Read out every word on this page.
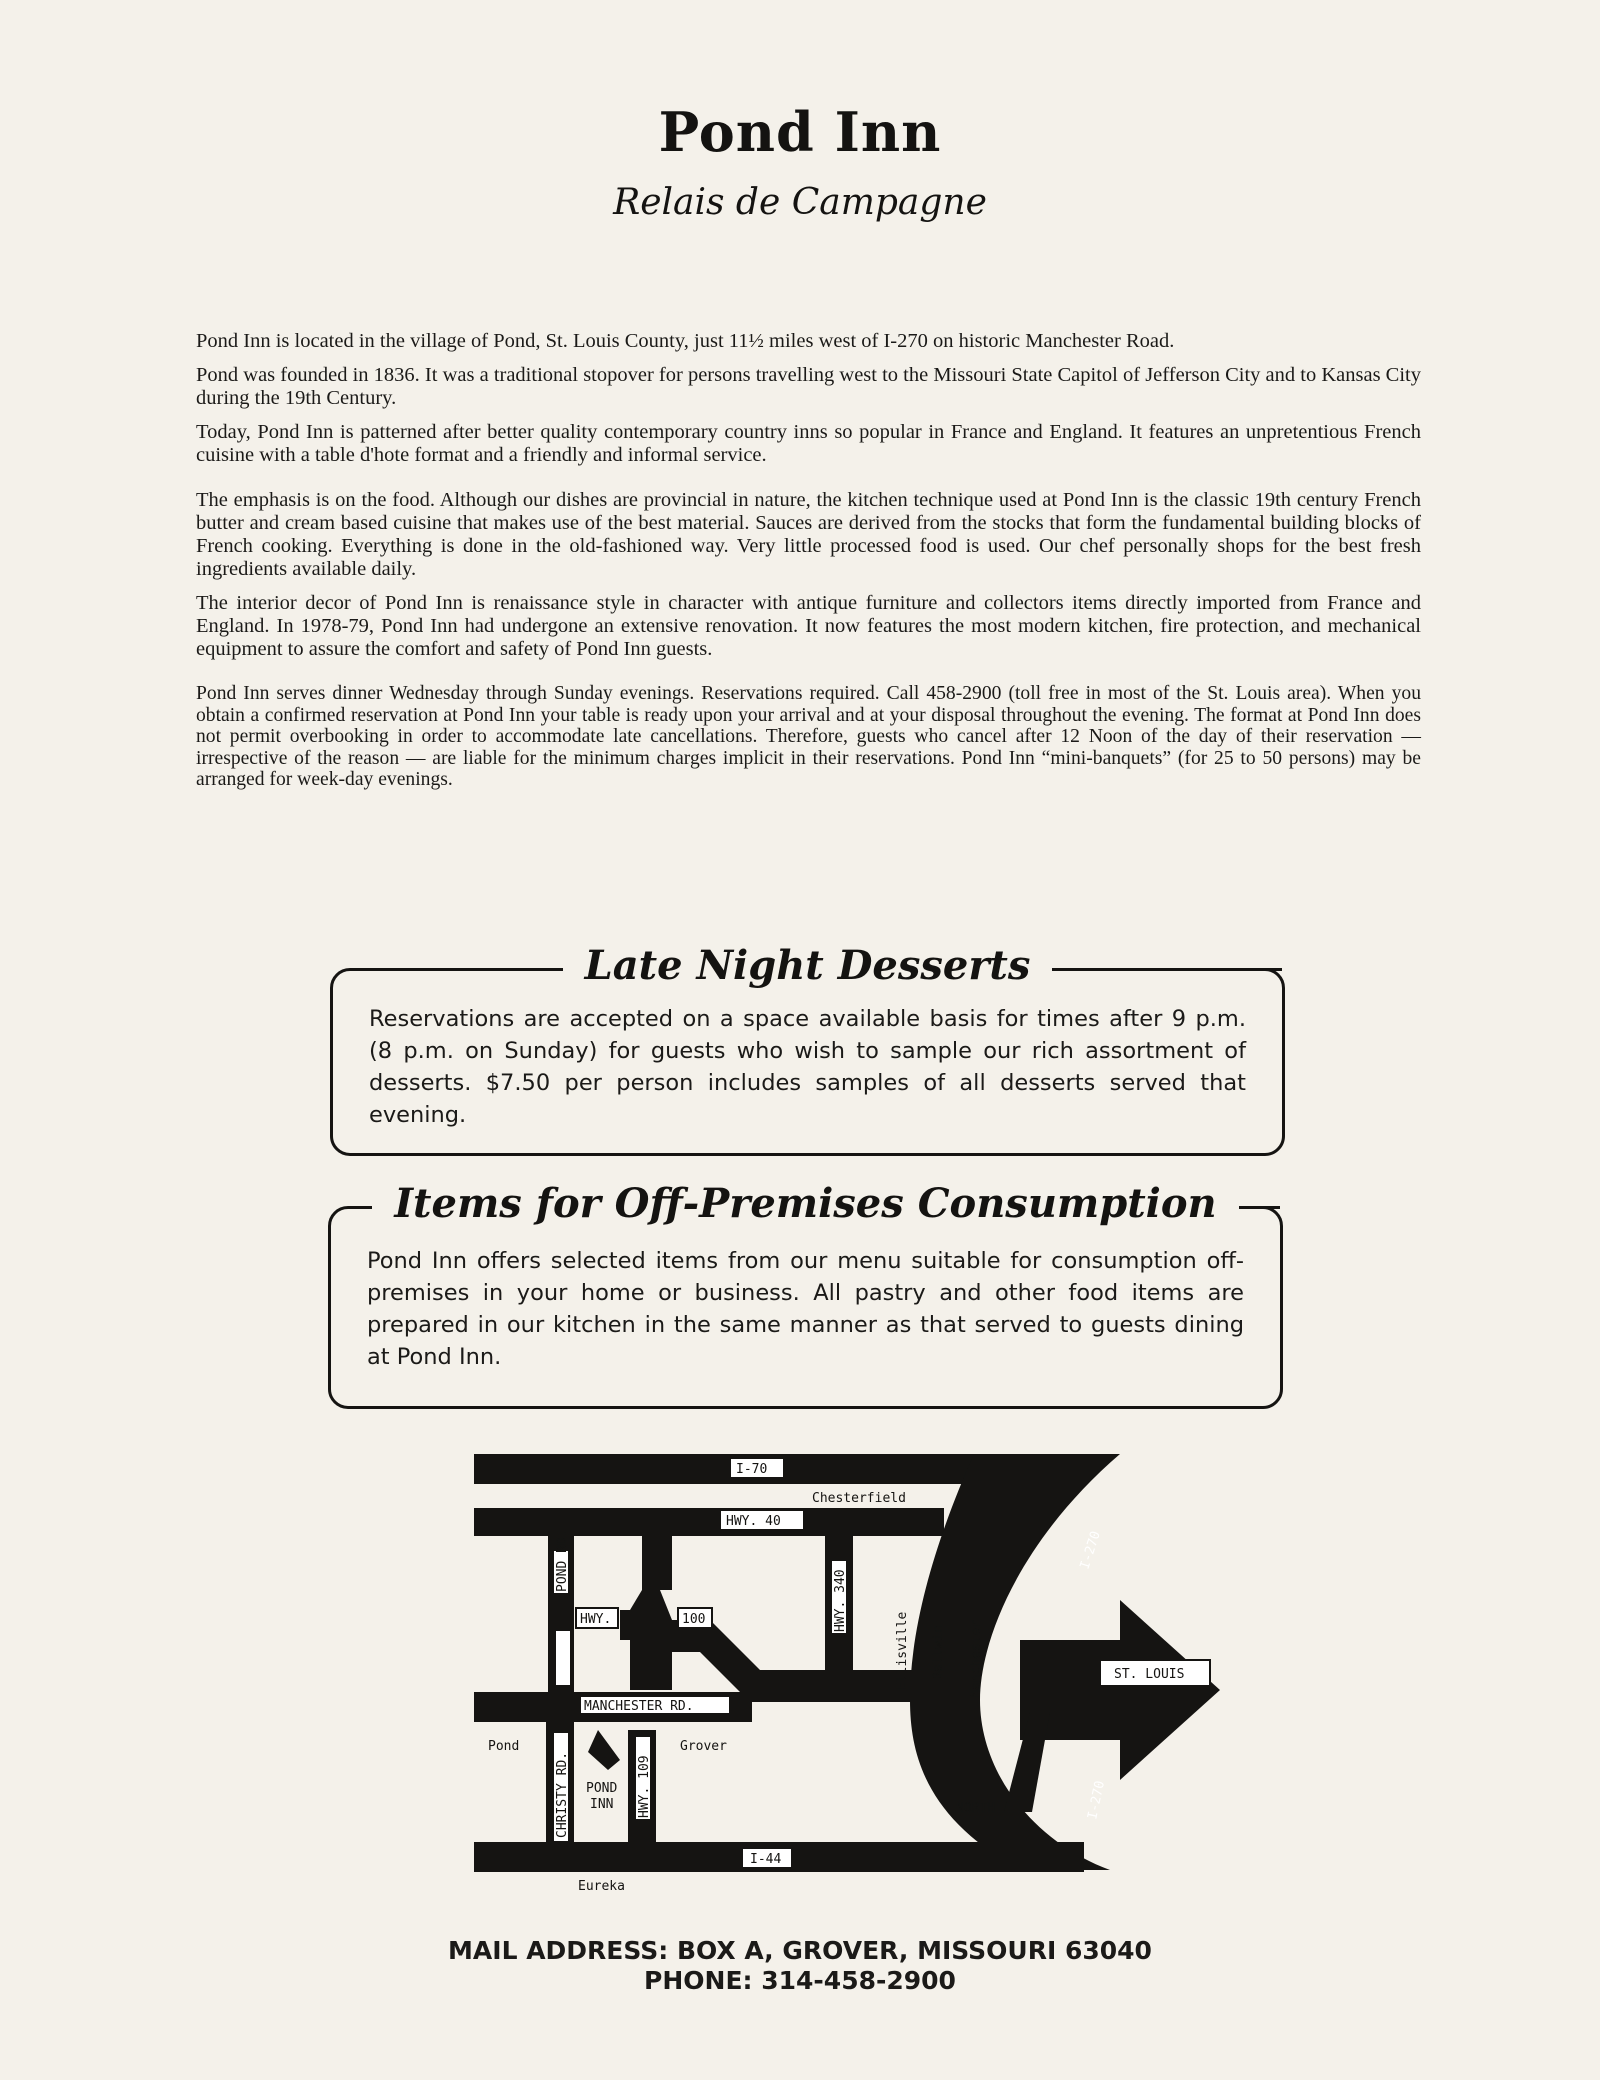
Pond Inn
Relais de Campagne

Pond Inn is located in the village of Pond, St. Louis County, just 11½ miles west of I-270 on historic Manchester Road.

Pond was founded in 1836. It was a traditional stopover for persons travelling west to the Missouri State Capitol of Jefferson City and to Kansas City during the 19th Century.

Today, Pond Inn is patterned after better quality contemporary country inns so popular in France and England. It features an unpretentious French cuisine with a table d'hote format and a friendly and informal service.

The emphasis is on the food. Although our dishes are provincial in nature, the kitchen technique used at Pond Inn is the classic 19th century French butter and cream based cuisine that makes use of the best material. Sauces are derived from the stocks that form the fundamental building blocks of French cooking. Everything is done in the old-fashioned way. Very little processed food is used. Our chef personally shops for the best fresh ingredients available daily.

The interior decor of Pond Inn is renaissance style in character with antique furniture and collectors items directly imported from France and England. In 1978-79, Pond Inn had undergone an extensive renovation. It now features the most modern kitchen, fire protection, and mechanical equipment to assure the comfort and safety of Pond Inn guests.

Pond Inn serves dinner Wednesday through Sunday evenings. Reservations required. Call 458-2900 (toll free in most of the St. Louis area). When you obtain a confirmed reservation at Pond Inn your table is ready upon your arrival and at your disposal throughout the evening. The format at Pond Inn does not permit overbooking in order to accommodate late cancellations. Therefore, guests who cancel after 12 Noon of the day of their reservation — irrespective of the reason — are liable for the minimum charges implicit in their reservations. Pond Inn “mini-banquets” (for 25 to 50 persons) may be arranged for week-day evenings.

Late Night Desserts
Reservations are accepted on a space available basis for times after 9 p.m. (8 p.m. on Sunday) for guests who wish to sample our rich assortment of desserts. $7.50 per person includes samples of all desserts served that evening.
Items for Off-Premises Consumption
Pond Inn offers selected items from our menu suitable for consumption off-premises in your home or business. All pastry and other food items are prepared in our kitchen in the same manner as that served to guests dining at Pond Inn.
I-70
Chesterfield
HWY. 40
POND RD.
HWY.	100	HWY. 340
Ellisville Ballwin Manchester
I-270
I-270
ST. LOUIS
MANCHESTER RD.
Pond	Grover
CHRISTY RD. POND
INN HWY. 109	NORTH
I-44
Eureka
MAIL ADDRESS: BOX A, GROVER, MISSOURI 63040
PHONE: 314-458-2900
